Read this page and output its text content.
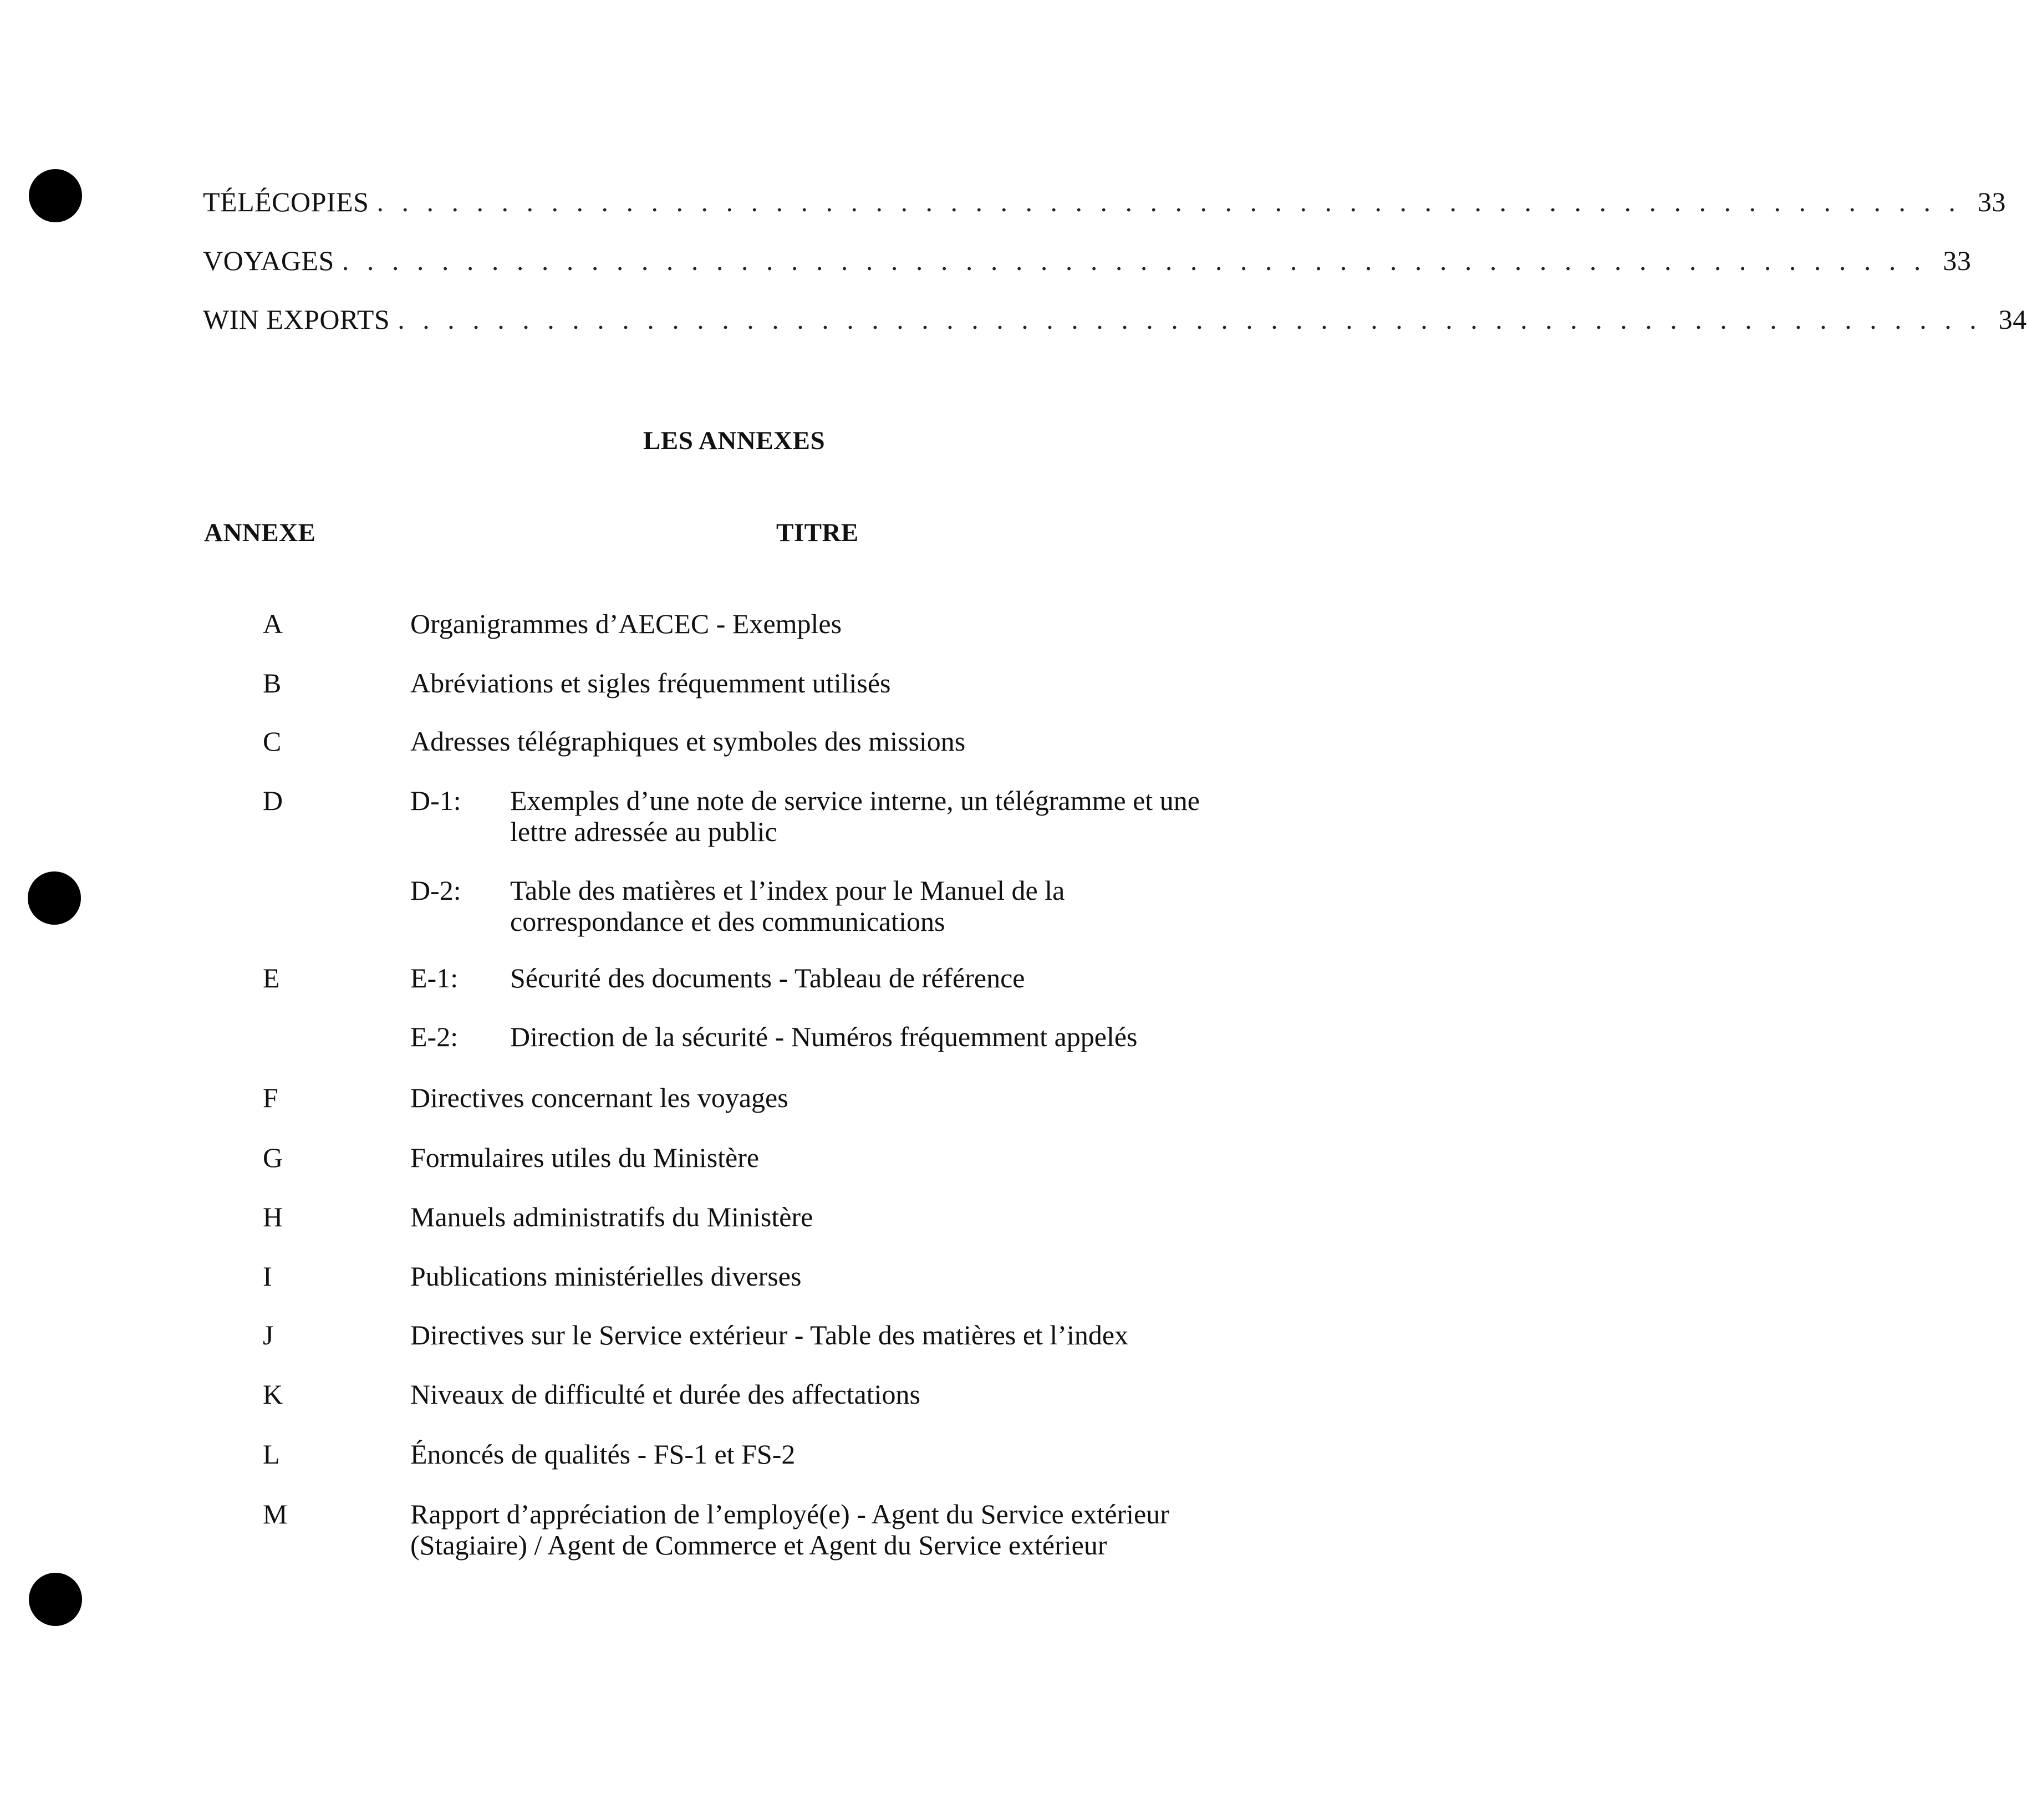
TÉLÉCOPIES . . . . . . . . . . . . . . . . . . . . . . . . . . . . . . . . . . . . . . . . . . . . . . . . . . . . . . . . . . . . . . . . 33
VOYAGES . . . . . . . . . . . . . . . . . . . . . . . . . . . . . . . . . . . . . . . . . . . . . . . . . . . . . . . . . . . . . . . . 33
WIN EXPORTS . . . . . . . . . . . . . . . . . . . . . . . . . . . . . . . . . . . . . . . . . . . . . . . . . . . . . . . . . . . . . . . . 34
LES ANNEXES
ANNEXE	TITRE
A	Organigrammes d’AECEC - Exemples
B	Abréviations et sigles fréquemment utilisés
C	Adresses télégraphiques et symboles des missions
D	D-1: Exemples d’une note de service interne, un télégramme et une
lettre adressée au public
D-2: Table des matières et l’index pour le Manuel de la
correspondance et des communications
E	E-1: Sécurité des documents - Tableau de référence
E-2: Direction de la sécurité - Numéros fréquemment appelés
F	Directives concernant les voyages
G	Formulaires utiles du Ministère
H	Manuels administratifs du Ministère
I	Publications ministérielles diverses
J	Directives sur le Service extérieur - Table des matières et l’index
K	Niveaux de difficulté et durée des affectations
L	Énoncés de qualités - FS-1 et FS-2
M	Rapport d’appréciation de l’employé(e) - Agent du Service extérieur
(Stagiaire) / Agent de Commerce et Agent du Service extérieur
